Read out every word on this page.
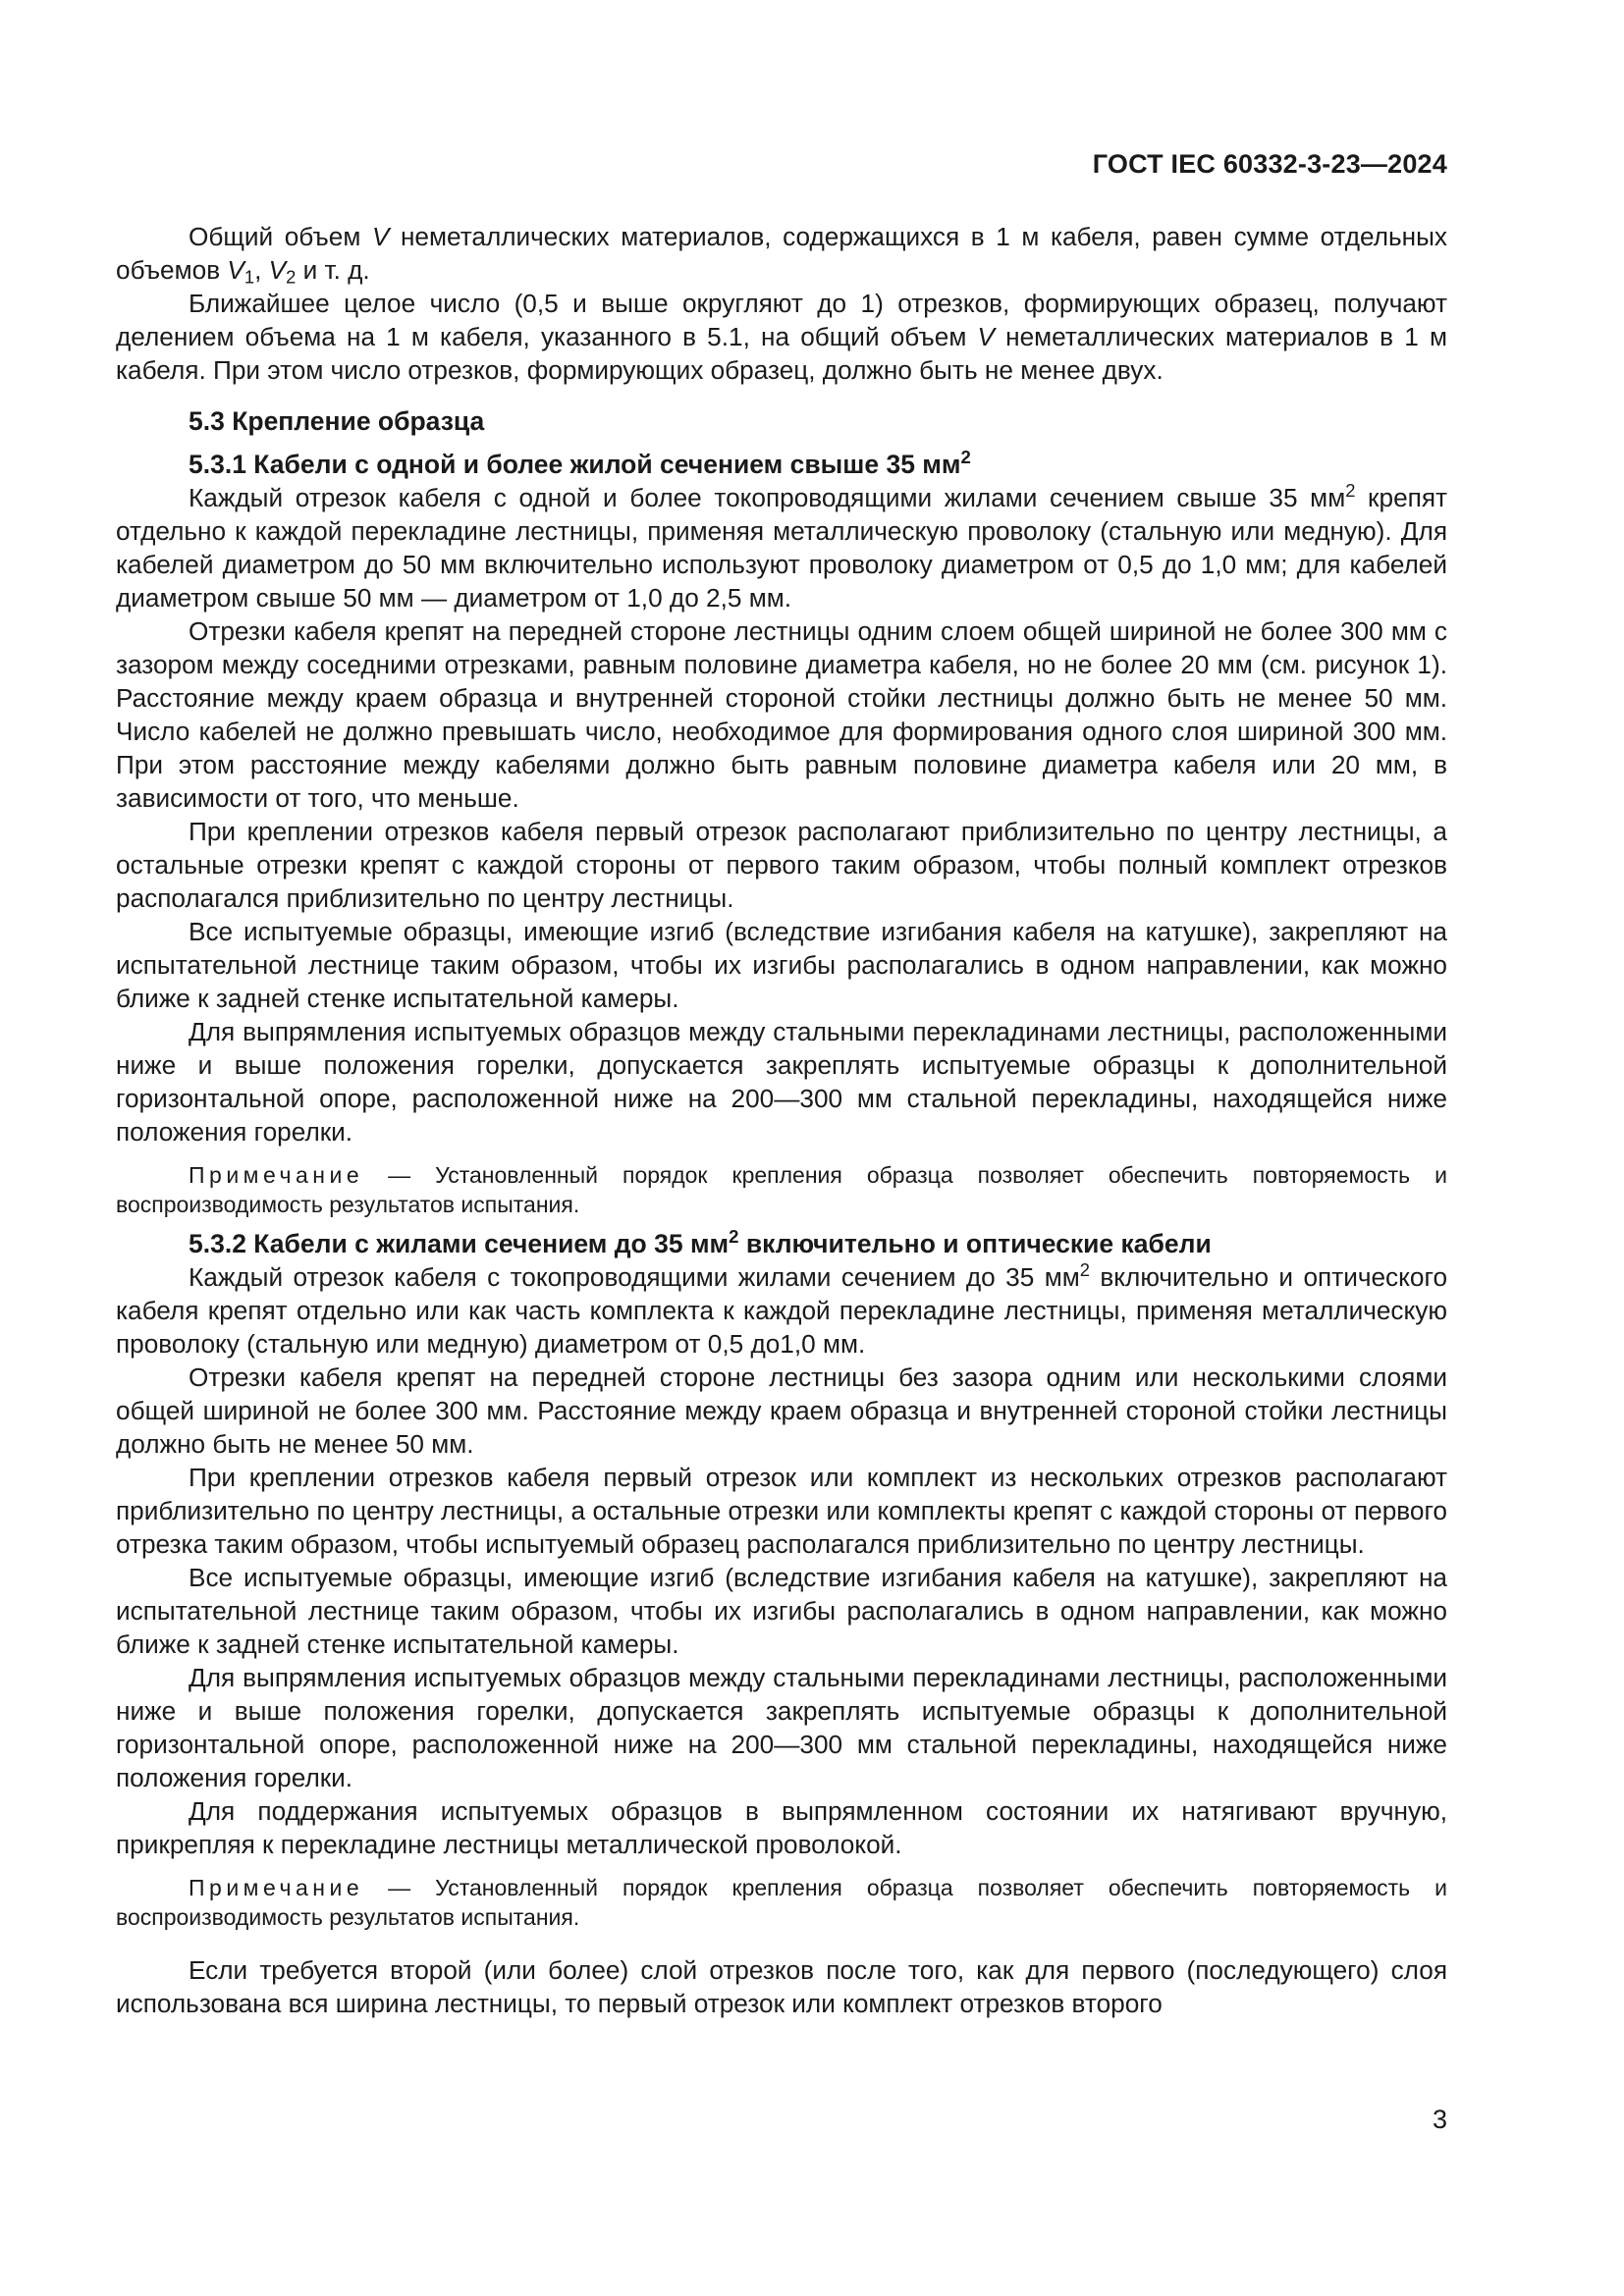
ГОСТ IEC 60332-3-23—2024

Общий объем V неметаллических материалов, содержащихся в 1 м кабеля, равен сумме отдельных объемов $V_1$, $V_2$ и т. д.

Ближайшее целое число (0,5 и выше округляют до 1) отрезков, формирующих образец, получают делением объема на 1 м кабеля, указанного в 5.1, на общий объем V неметаллических материалов в 1 м кабеля. При этом число отрезков, формирующих образец, должно быть не менее двух.

5.3 Крепление образца
5.3.1 Кабели с одной и более жилой сечением свыше 35 $мм^2$

Каждый отрезок кабеля с одной и более токопроводящими жилами сечением свыше 35 $мм^2$ крепят отдельно к каждой перекладине лестницы, применяя металлическую проволоку (стальную или медную). Для кабелей диаметром до 50 мм включительно используют проволоку диаметром от 0,5 до 1,0 мм; для кабелей диаметром свыше 50 мм — диаметром от 1,0 до 2,5 мм.

Отрезки кабеля крепят на передней стороне лестницы одним слоем общей шириной не более 300 мм с зазором между соседними отрезками, равным половине диаметра кабеля, но не более 20 мм (см. рисунок 1). Расстояние между краем образца и внутренней стороной стойки лестницы должно быть не менее 50 мм. Число кабелей не должно превышать число, необходимое для формирования одного слоя шириной 300 мм. При этом расстояние между кабелями должно быть равным половине диаметра кабеля или 20 мм, в зависимости от того, что меньше.

При креплении отрезков кабеля первый отрезок располагают приблизительно по центру лестницы, а остальные отрезки крепят с каждой стороны от первого таким образом, чтобы полный комплект отрезков располагался приблизительно по центру лестницы.

Все испытуемые образцы, имеющие изгиб (вследствие изгибания кабеля на катушке), закрепляют на испытательной лестнице таким образом, чтобы их изгибы располагались в одном направлении, как можно ближе к задней стенке испытательной камеры.

Для выпрямления испытуемых образцов между стальными перекладинами лестницы, расположенными ниже и выше положения горелки, допускается закреплять испытуемые образцы к дополнительной горизонтальной опоре, расположенной ниже на 200—300 мм стальной перекладины, находящейся ниже положения горелки.

Примечание — Установленный порядок крепления образца позволяет обеспечить повторяемость и воспроизводимость результатов испытания.
5.3.2 Кабели с жилами сечением до 35 $мм^2$ включительно и оптические кабели

Каждый отрезок кабеля с токопроводящими жилами сечением до 35 $мм^2$ включительно и оптического кабеля крепят отдельно или как часть комплекта к каждой перекладине лестницы, применяя металлическую проволоку (стальную или медную) диаметром от 0,5 до1,0 мм.

Отрезки кабеля крепят на передней стороне лестницы без зазора одним или несколькими слоями общей шириной не более 300 мм. Расстояние между краем образца и внутренней стороной стойки лестницы должно быть не менее 50 мм.

При креплении отрезков кабеля первый отрезок или комплект из нескольких отрезков располагают приблизительно по центру лестницы, а остальные отрезки или комплекты крепят с каждой стороны от первого отрезка таким образом, чтобы испытуемый образец располагался приблизительно по центру лестницы.

Все испытуемые образцы, имеющие изгиб (вследствие изгибания кабеля на катушке), закрепляют на испытательной лестнице таким образом, чтобы их изгибы располагались в одном направлении, как можно ближе к задней стенке испытательной камеры.

Для выпрямления испытуемых образцов между стальными перекладинами лестницы, расположенными ниже и выше положения горелки, допускается закреплять испытуемые образцы к дополнительной горизонтальной опоре, расположенной ниже на 200—300 мм стальной перекладины, находящейся ниже положения горелки.

Для поддержания испытуемых образцов в выпрямленном состоянии их натягивают вручную, прикрепляя к перекладине лестницы металлической проволокой.

Примечание — Установленный порядок крепления образца позволяет обеспечить повторяемость и воспроизводимость результатов испытания.

Если требуется второй (или более) слой отрезков после того, как для первого (последующего) слоя использована вся ширина лестницы, то первый отрезок или комплект отрезков второго

3
